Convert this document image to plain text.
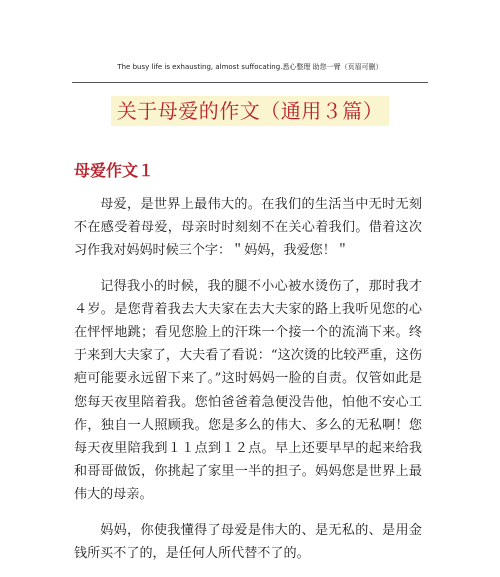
The busy life is exhausting, almost suffocating.悉心整理 助您一臂（页眉可删）
关于母爱的作文（通用３篇）
母爱作文１

母爱，是世界上最伟大的。在我们的生活当中无时无刻不在感受着母爱，母亲时时刻刻不在关心着我们。借着这次习作我对妈妈时候三个字：＂妈妈，我爱您！＂

记得我小的时候，我的腿不小心被水烫伤了，那时我才４岁。是您背着我去大夫家在去大夫家的路上我听见您的心在怦怦地跳；看见您脸上的汗珠一个接一个的流淌下来。终于来到大夫家了，大夫看了看说：“这次烫的比较严重，这伤疤可能要永远留下来了。”这时妈妈一脸的自责。仅管如此是您每天夜里陪着我。您怕爸爸着急便没告他，怕他不安心工作，独自一人照顾我。您是多么的伟大、多么的无私啊！您每天夜里陪我到１１点到１２点。早上还要早早的起来给我和哥哥做饭，你挑起了家里一半的担子。妈妈您是世界上最伟大的母亲。

妈妈，你使我懂得了母爱是伟大的、是无私的、是用金钱所买不了的，是任何人所代替不了的。
